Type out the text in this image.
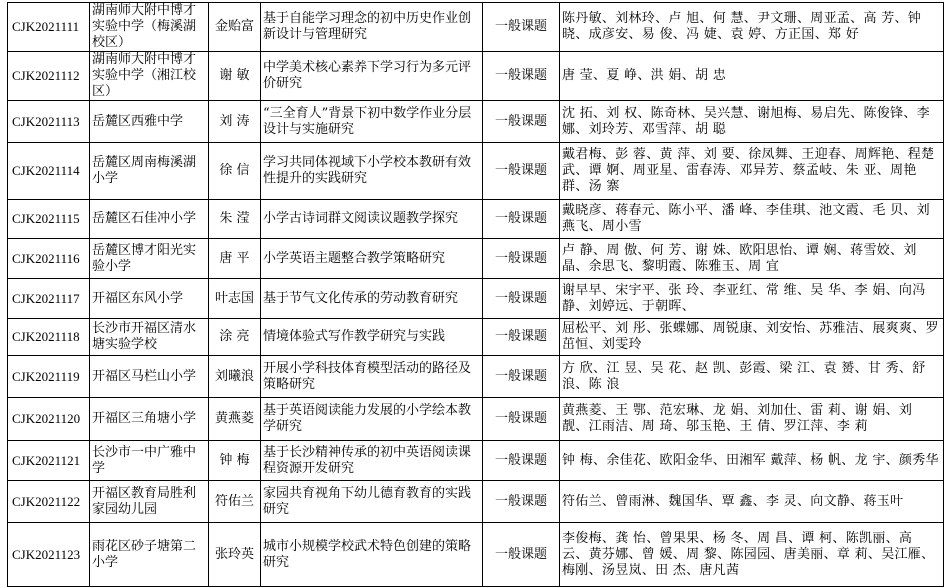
CJK2021111	湖南师大附中博才实验中学（梅溪湖校区）	金贻富	基于自能学习理念的初中历史作业创新设计与管理研究	一般课题	陈丹敏、刘林玲、卢 旭、何 慧、尹文珊、周亚孟、高 芳、钟晓、成彦安、易 俊、冯 婕、袁 婷、方正国、郑 好
CJK2021112	湖南师大附中博才实验中学（湘江校区）	谢 敏	中学美术核心素养下学习行为多元评价研究	一般课题	唐 莹、夏 峥、洪 娟、胡 忠
CJK2021113	岳麓区西雅中学	刘 涛	“三全育人”背景下初中数学作业分层设计与实施研究	一般课题	沈 拓、刘 权、陈奇林、吴兴慧、谢旭梅、易启先、陈俊锋、李 娜、刘玲芳、邓雪萍、胡 聪
CJK2021114	岳麓区周南梅溪湖小学	徐 信	学习共同体视域下小学校本教研有效性提升的实践研究	一般课题	戴君梅、彭 蓉、黄 萍、刘 要、徐凤舞、王迎春、周辉艳、程楚武、谭 婀、周亚星、雷春涛、邓异芳、蔡孟岐、朱 亚、周艳群、汤 寨
CJK2021115	岳麓区石佳冲小学	朱 滢	小学古诗词群文阅读议题教学探究	一般课题	戴晓彦、蒋春元、陈小平、潘 峰、李佳琪、池文霞、毛 贝、刘燕飞、周小雪
CJK2021116	岳麓区博才阳光实验小学	唐 平	小学英语主题整合教学策略研究	一般课题	卢 静、周 傲、何 芳、谢 姝、欧阳思怡、谭 娴、蒋雪姣、刘晶、余思飞、黎明霞、陈雅玉、周 宜
CJK2021117	开福区东风小学	叶志国	基于节气文化传承的劳动教育研究	一般课题	谢早早、宋宇平、张 玲、李亚红、常 维、吴 华、李 娟、向冯静、刘婷远、于朝晖、
CJK2021118	长沙市开福区清水塘实验学校	涂 亮	情境体验式写作教学研究与实践	一般课题	屈松平、刘 彤、张蝶娜、周锐康、刘安怡、苏雅洁、展爽爽、罗茁恒、刘雯玲
CJK2021119	开福区马栏山小学	刘曦浪	开展小学科技体育模型活动的路径及策略研究	一般课题	方 欣、江 昱、吴 花、赵 凯、彭霞、梁 江、袁 赟、甘 秀、舒 浪、陈 浪
CJK2021120	开福区三角塘小学	黄燕菱	基于英语阅读能力发展的小学绘本教学研究	一般课题	黄燕菱、王 鄂、范宏琳、龙 娟、刘加仕、雷 莉、谢 娟、刘 靓、江雨洁、周 琦、邬玉艳、王 倩、罗江萍、李 莉
CJK2021121	长沙市一中广雅中学	钟 梅	基于长沙精神传承的初中英语阅读课程资源开发研究	一般课题	钟 梅、余佳花、欧阳金华、田湘军 戴萍、杨 帆、龙 宇、颜秀华
CJK2021122	开福区教育局胜利家园幼儿园	符佑兰	家园共育视角下幼儿德育教育的实践研究	一般课题	符佑兰、曾雨淋、魏国华、覃 鑫、李 灵、向文静、蒋玉叶
CJK2021123	雨花区砂子塘第二小学	张玲英	城市小规模学校武术特色创建的策略研究	一般课题	李俊梅、龚 怡、曾果果、杨 冬、周 昌、谭 柯、陈凯丽、高 云、黄芬娜、曾 媛、周 黎、陈园园、唐美丽、章 莉、吴江雁、梅刚、汤昱岚、田 杰、唐凡茜
